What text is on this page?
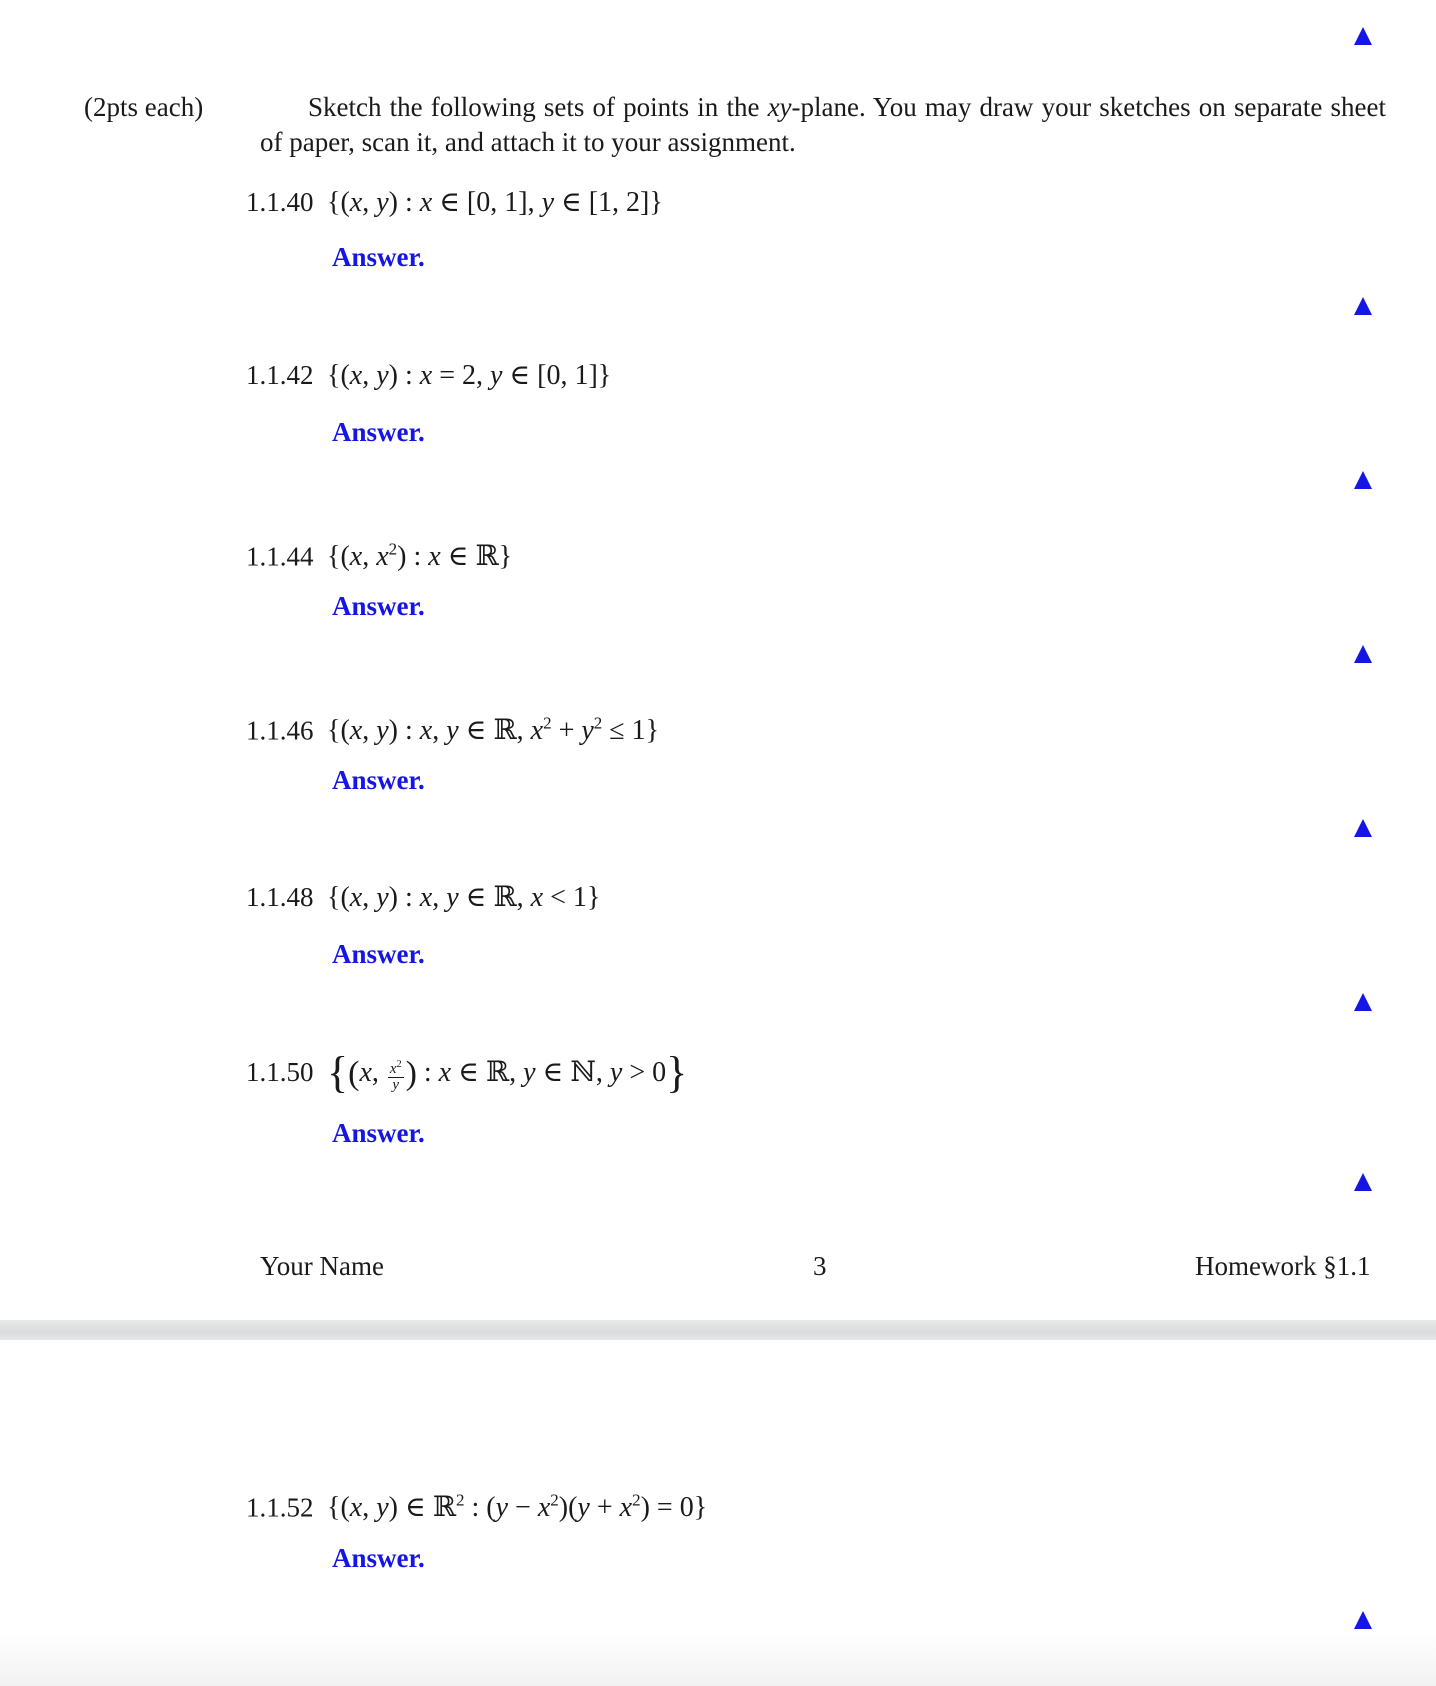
(2pts each)	Sketch the following sets of points in the xy-plane. You may draw your sketches on separate sheet of paper, scan it, and attach it to your assignment.
1.1.40 {(x, y) : x ∈ [0, 1], y ∈ [1, 2]}
Answer.
1.1.42 {(x, y) : x = 2, y ∈ [0, 1]}
Answer.
1.1.44 {(x, $x^2$) : x ∈ ℝ}
Answer.
1.1.46 {(x, y) : x, y ∈ ℝ, $x^2 + y^2 \le 1$}
Answer.
1.1.48 {(x, y) : x, y ∈ ℝ, x < 1}
Answer.
1.1.50 {(x, $\frac{x^2}{y}$ ) : x ∈ ℝ, y ∈ ℕ, y > 0}
Answer.
Your Name	3	Homework §1.1
1.1.52 {(x, y) ∈ ℝ$^2$ : $(y - x^2)(y + x^2) = 0$}
Answer.
